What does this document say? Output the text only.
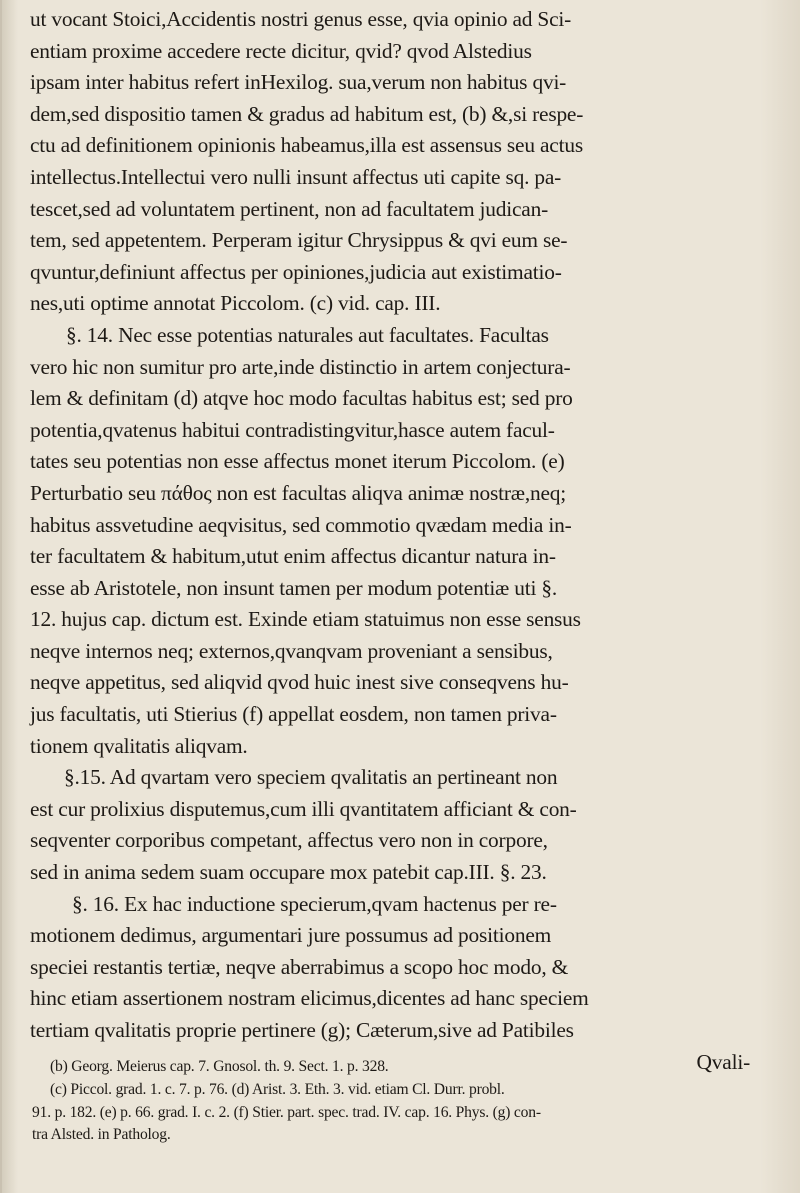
ut vocant Stoici,Accidentis nostri genus esse, qvia opinio ad Sci-
entiam proxime accedere recte dicitur, qvid? qvod Alstedius
ipsam inter habitus refert inHexilog. sua,verum non habitus qvi-
dem,sed dispositio tamen & gradus ad habitum est, (b) &,si respe-
ctu ad definitionem opinionis habeamus,illa est assensus seu actus
intellectus.Intellectui vero nulli insunt affectus uti capite sq. pa-
tescet,sed ad voluntatem pertinent, non ad facultatem judican-
tem, sed appetentem. Perperam igitur Chrysippus & qvi eum se-
qvuntur,definiunt affectus per opiniones,judicia aut existimatio-
nes,uti optime annotat Piccolom. (c) vid. cap. III.
§. 14. Nec esse potentias naturales aut facultates. Facultas
vero hic non sumitur pro arte,inde distinctio in artem conjectura-
lem & definitam (d) atqve hoc modo facultas habitus est; sed pro
potentia,qvatenus habitui contradistingvitur,hasce autem facul-
tates seu potentias non esse affectus monet iterum Piccolom. (e)
Perturbatio seu πάθος non est facultas aliqva animæ nostræ,neq;
habitus assvetudine aeqvisitus, sed commotio qvædam media in-
ter facultatem & habitum,utut enim affectus dicantur natura in-
esse ab Aristotele, non insunt tamen per modum potentiæ uti §.
12. hujus cap. dictum est. Exinde etiam statuimus non esse sensus
neqve internos neq; externos,qvanqvam proveniant a sensibus,
neqve appetitus, sed aliqvid qvod huic inest sive conseqvens hu-
jus facultatis, uti Stierius (f) appellat eosdem, non tamen priva-
tionem qvalitatis aliqvam.
§.15. Ad qvartam vero speciem qvalitatis an pertineant non
est cur prolixius disputemus,cum illi qvantitatem afficiant & con-
seqventer corporibus competant, affectus vero non in corpore,
sed in anima sedem suam occupare mox patebit cap.III. §. 23.
§. 16. Ex hac inductione specierum,qvam hactenus per re-
motionem dedimus, argumentari jure possumus ad positionem
speciei restantis tertiæ, neqve aberrabimus a scopo hoc modo, &
hinc etiam assertionem nostram elicimus,dicentes ad hanc speciem
tertiam qvalitatis proprie pertinere (g); Cæterum,sive ad Patibiles
Qvali-
(b) Georg. Meierus cap. 7. Gnosol. th. 9. Sect. 1. p. 328.
(c) Piccol. grad. 1. c. 7. p. 76. (d) Arist. 3. Eth. 3. vid. etiam Cl. Durr. probl.
91. p. 182. (e) p. 66. grad. I. c. 2. (f) Stier. part. spec. trad. IV. cap. 16. Phys. (g) con-
tra Alsted. in Patholog.
